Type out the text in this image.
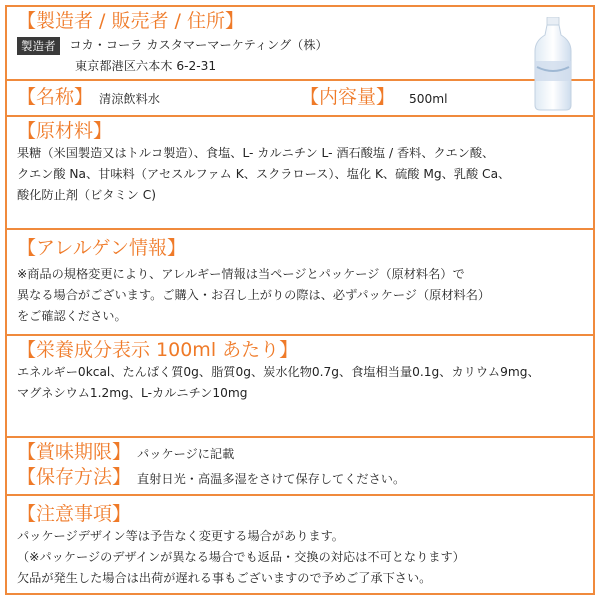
【製造者 / 販売者 / 住所】
製造者 コカ・コーラ カスタマーマーケティング（株）
東京都港区六本木 6-2-31
【名称】 清涼飲料水	【内容量】 500ml
【原材料】
果糖（米国製造又はトルコ製造）、食塩、L- カルニチン L- 酒石酸塩 / 香料、クエン酸、
クエン酸 Na、甘味料（アセスルファム K、スクラロース）、塩化 K、硫酸 Mg、乳酸 Ca、
酸化防止剤（ビタミン C)
【アレルゲン情報】
※商品の規格変更により、アレルギー情報は当ページとパッケージ（原材料名）で
異なる場合がございます。ご購入・お召し上がりの際は、必ずパッケージ（原材料名）
をご確認ください。
【栄養成分表示 100ml あたり】
エネルギー0kcal、たんぱく質0g、脂質0g、炭水化物0.7g、食塩相当量0.1g、カリウム9mg、
マグネシウム1.2mg、L-カルニチン10mg
【賞味期限】 パッケージに記載
【保存方法】 直射日光・高温多湿をさけて保存してください。
【注意事項】
パッケージデザイン等は予告なく変更する場合があります。
（※パッケージのデザインが異なる場合でも返品・交換の対応は不可となります）
欠品が発生した場合は出荷が遅れる事もございますので予めご了承下さい。
